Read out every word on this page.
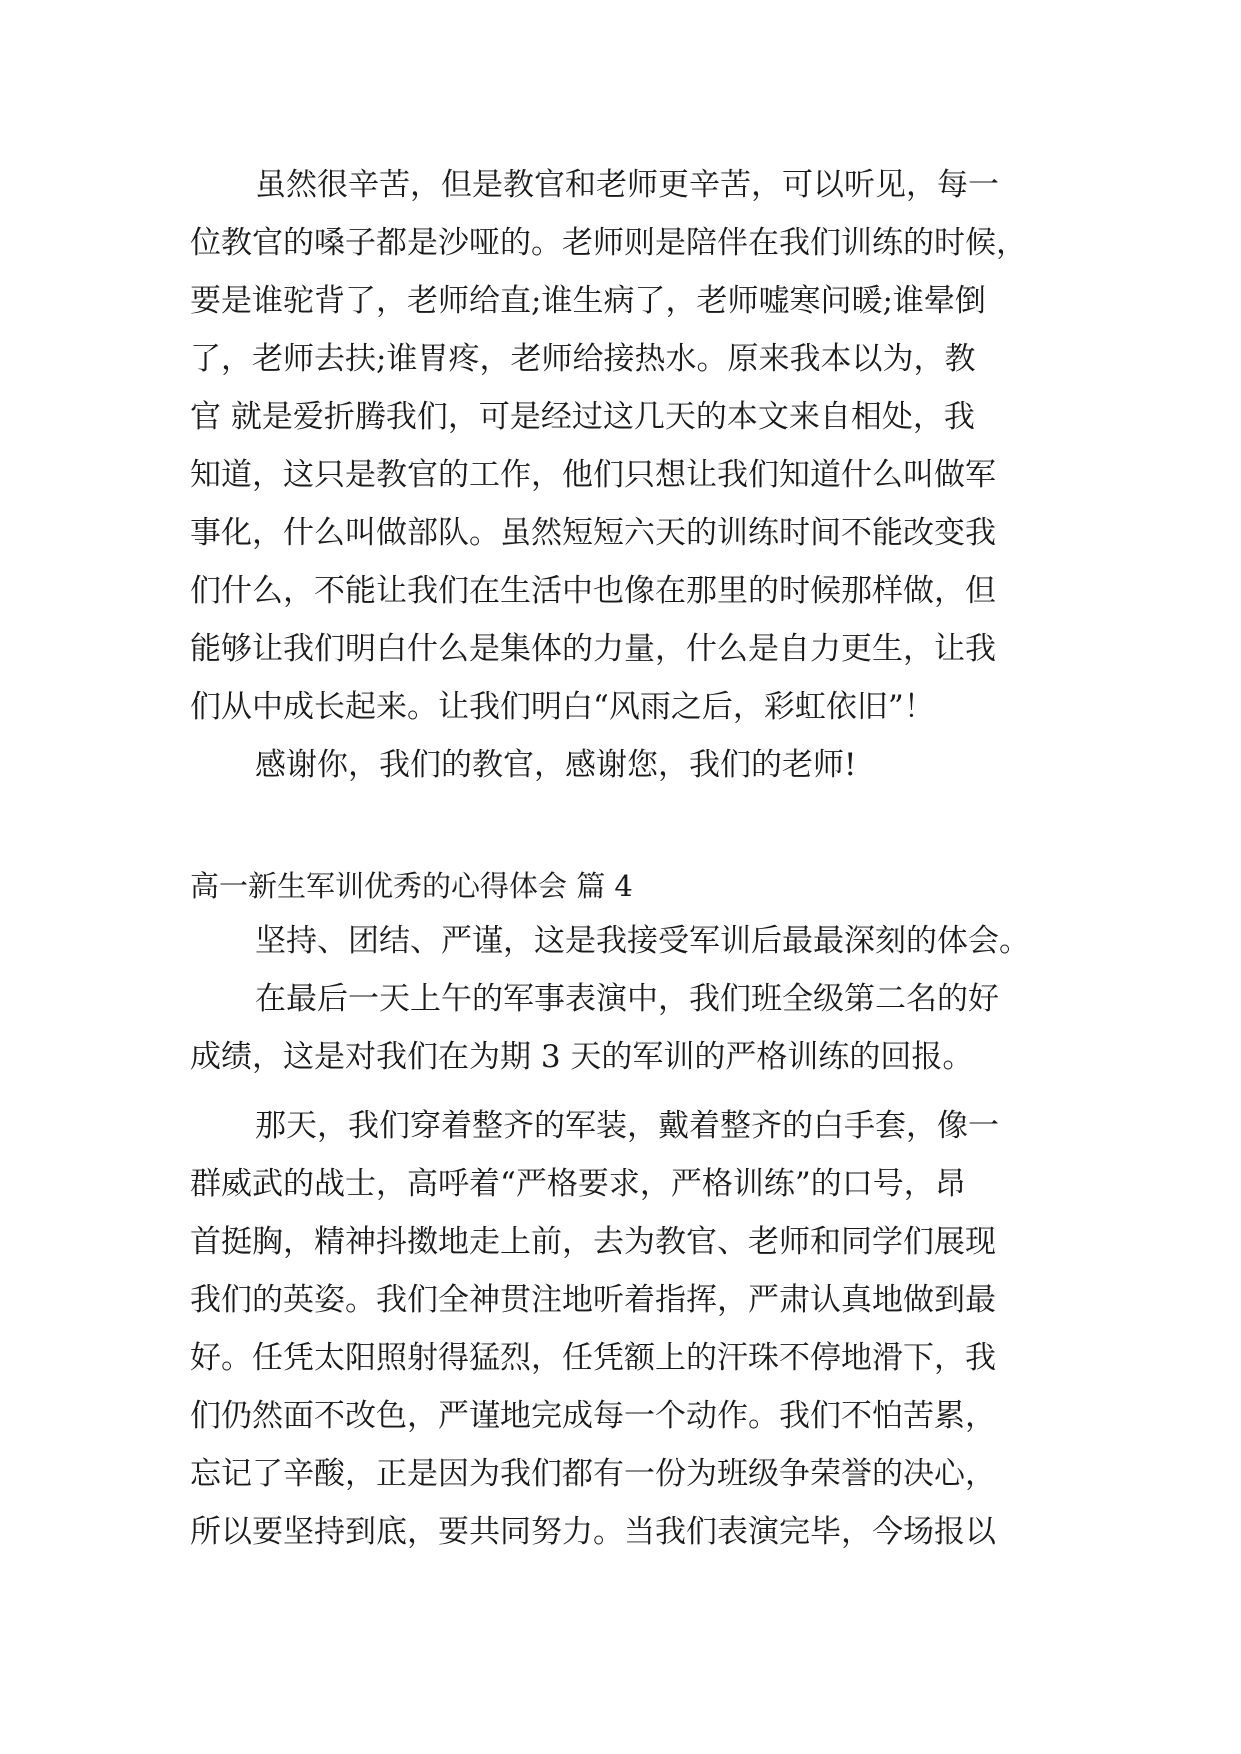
虽然很辛苦，但是教官和老师更辛苦，可以听见，每一
位教官的嗓子都是沙哑的。老师则是陪伴在我们训练的时候，
要是谁驼背了，老师给直;谁生病了，老师嘘寒问暖;谁晕倒
了，老师去扶;谁胃疼，老师给接热水。原来我本以为，教
官 就是爱折腾我们，可是经过这几天的本文来自相处，我
知道，这只是教官的工作，他们只想让我们知道什么叫做军
事化，什么叫做部队。虽然短短六天的训练时间不能改变我
们什么，不能让我们在生活中也像在那里的时候那样做，但
能够让我们明白什么是集体的力量，什么是自力更生，让我
们从中成长起来。让我们明白“风雨之后，彩虹依旧”！
感谢你，我们的教官，感谢您，我们的老师!
高一新生军训优秀的心得体会 篇 4
坚持、团结、严谨，这是我接受军训后最最深刻的体会。
在最后一天上午的军事表演中，我们班全级第二名的好
成绩，这是对我们在为期 3 天的军训的严格训练的回报。
那天，我们穿着整齐的军装，戴着整齐的白手套，像一
群威武的战士，高呼着“严格要求，严格训练”的口号，昂
首挺胸，精神抖擞地走上前，去为教官、老师和同学们展现
我们的英姿。我们全神贯注地听着指挥，严肃认真地做到最
好。任凭太阳照射得猛烈，任凭额上的汗珠不停地滑下，我
们仍然面不改色，严谨地完成每一个动作。我们不怕苦累，
忘记了辛酸，正是因为我们都有一份为班级争荣誉的决心，
所以要坚持到底，要共同努力。当我们表演完毕，今场报以
